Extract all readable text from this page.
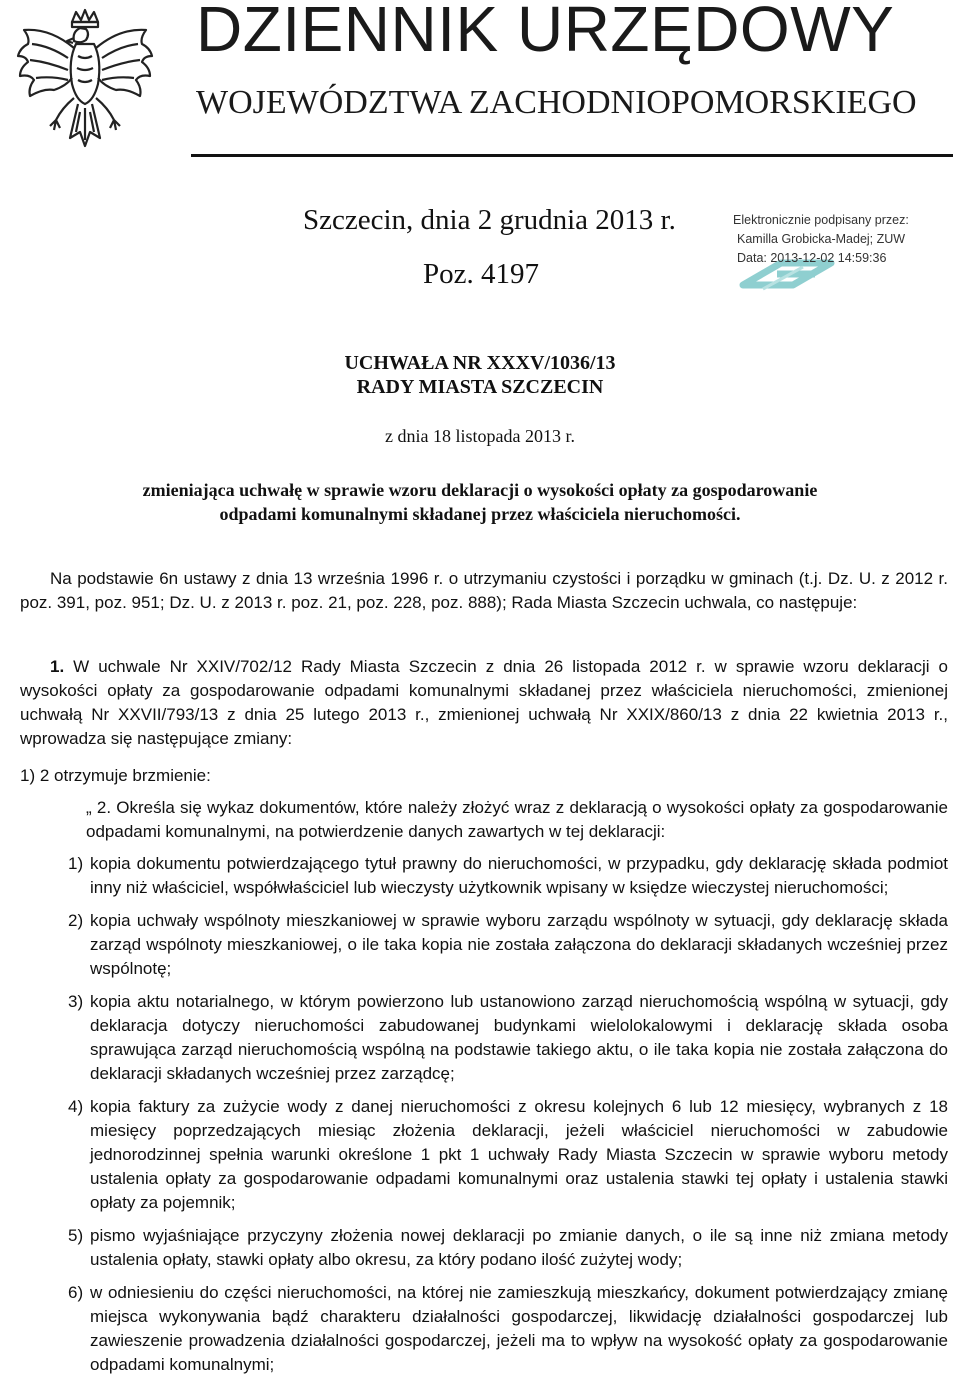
DZIENNIK URZĘDOWY
WOJEWÓDZTWA ZACHODNIOPOMORSKIEGO
Szczecin, dnia 2 grudnia 2013 r.
Poz. 4197
Elektronicznie podpisany przez:
Kamilla Grobicka-Madej; ZUW
Data: 2013-12-02 14:59:36
UCHWAŁA NR XXXV/1036/13
RADY MIASTA SZCZECIN
z dnia 18 listopada 2013 r.
zmieniająca uchwałę w sprawie wzoru deklaracji o wysokości opłaty za gospodarowanie
odpadami komunalnymi składanej przez właściciela nieruchomości.
Na podstawie 6n ustawy z dnia 13 września 1996 r. o utrzymaniu czystości i porządku w gminach (t.j. Dz. U. z 2012 r. poz. 391, poz. 951; Dz. U. z 2013 r. poz. 21, poz. 228, poz. 888); Rada Miasta Szczecin uchwala, co następuje:
1. W uchwale Nr XXIV/702/12 Rady Miasta Szczecin z dnia 26 listopada 2012 r. w sprawie wzoru deklaracji o wysokości opłaty za gospodarowanie odpadami komunalnymi składanej przez właściciela nieruchomości, zmienionej uchwałą Nr XXVII/793/13 z dnia 25 lutego 2013 r., zmienionej uchwałą Nr XXIX/860/13 z dnia 22 kwietnia 2013 r., wprowadza się następujące zmiany:
1) 2 otrzymuje brzmienie:
„ 2. Określa się wykaz dokumentów, które należy złożyć wraz z deklaracją o wysokości opłaty za gospodarowanie odpadami komunalnymi, na potwierdzenie danych zawartych w tej deklaracji:
1) kopia dokumentu potwierdzającego tytuł prawny do nieruchomości, w przypadku, gdy deklarację składa podmiot inny niż właściciel, współwłaściciel lub wieczysty użytkownik wpisany w księdze wieczystej nieruchomości;
2) kopia uchwały wspólnoty mieszkaniowej w sprawie wyboru zarządu wspólnoty w sytuacji, gdy deklarację składa zarząd wspólnoty mieszkaniowej, o ile taka kopia nie została załączona do deklaracji składanych wcześniej przez wspólnotę;
3) kopia aktu notarialnego, w którym powierzono lub ustanowiono zarząd nieruchomością wspólną w sytuacji, gdy deklaracja dotyczy nieruchomości zabudowanej budynkami wielolokalowymi i deklarację składa osoba sprawująca zarząd nieruchomością wspólną na podstawie takiego aktu, o ile taka kopia nie została załączona do deklaracji składanych wcześniej przez zarządcę;
4) kopia faktury za zużycie wody z danej nieruchomości z okresu kolejnych 6 lub 12 miesięcy, wybranych z 18 miesięcy poprzedzających miesiąc złożenia deklaracji, jeżeli właściciel nieruchomości w zabudowie jednorodzinnej spełnia warunki określone 1 pkt 1 uchwały Rady Miasta Szczecin w sprawie wyboru metody ustalenia opłaty za gospodarowanie odpadami komunalnymi oraz ustalenia stawki tej opłaty i ustalenia stawki opłaty za pojemnik;
5) pismo wyjaśniające przyczyny złożenia nowej deklaracji po zmianie danych, o ile są inne niż zmiana metody ustalenia opłaty, stawki opłaty albo okresu, za który podano ilość zużytej wody;
6) w odniesieniu do części nieruchomości, na której nie zamieszkują mieszkańcy, dokument potwierdzający zmianę miejsca wykonywania bądź charakteru działalności gospodarczej, likwidację działalności gospodarczej lub zawieszenie prowadzenia działalności gospodarczej, jeżeli ma to wpływ na wysokość opłaty za gospodarowanie odpadami komunalnymi;
